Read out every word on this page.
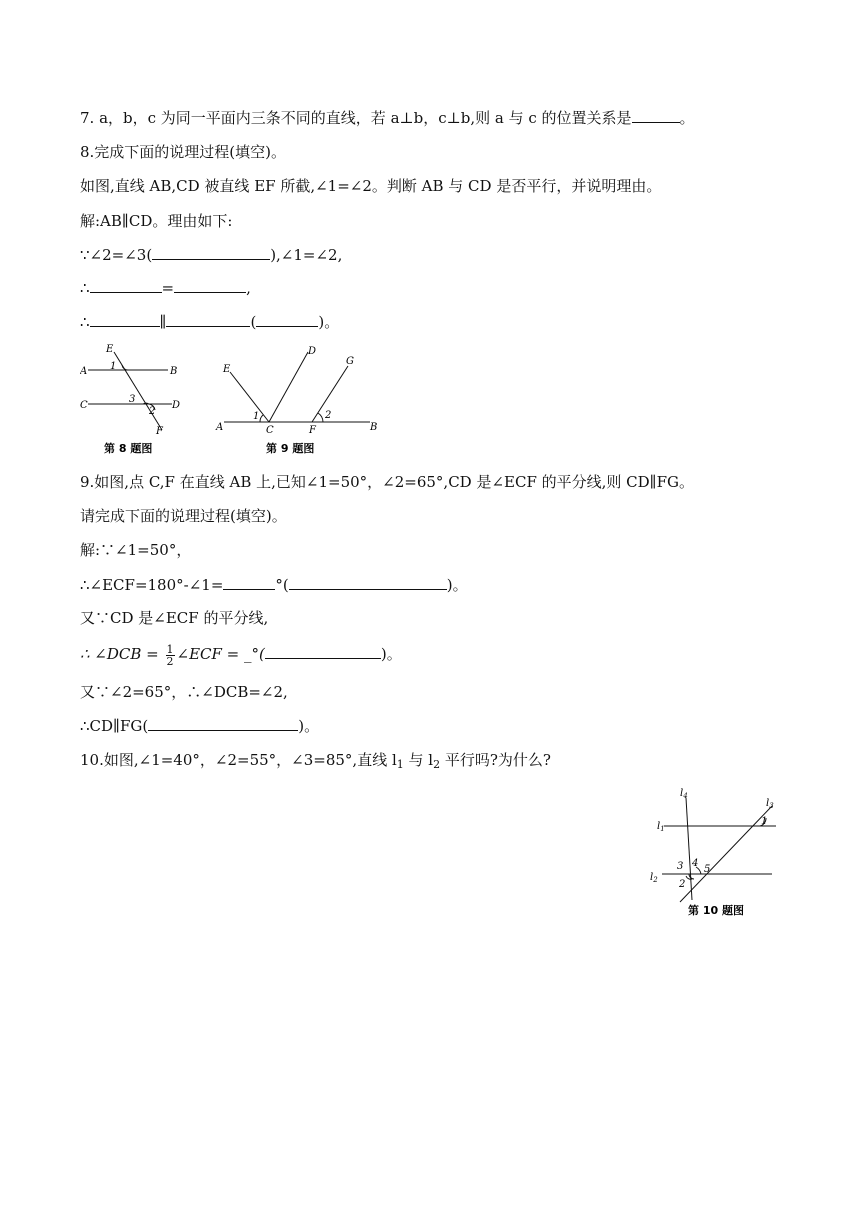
7. a，b，c 为同一平面内三条不同的直线，若 a⊥b，c⊥b,则 a 与 c 的位置关系是	。
8.完成下面的说理过程(填空)。
如图,直线 AB,CD 被直线 EF 所截,∠1=∠2。判断 AB 与 CD 是否平行，并说明理由。
解:AB∥CD。理由如下:
∵∠2=∠3(	),∠1=∠2,
∴	=	,
∴	∥	(	)。
E
A	B
C	D
F
1
3
2
第 8 题图
E
D
G
A	C	F	B
1	2
第 9 题图
9.如图,点 C,F 在直线 AB 上,已知∠1=50°，∠2=65°,CD 是∠ECF 的平分线,则 CD∥FG。
请完成下面的说理过程(填空)。
解:∵∠1=50°，
∴∠ECF=180°-∠1=	°(	)。
又∵CD 是∠ECF 的平分线,
∴ ∠DCB = $\frac{1}{2}$ ∠ECF = _°(	)。
又∵∠2=65°，∴∠DCB=∠2,
∴CD∥FG(	)。
10.如图,∠1=40°，∠2=55°，∠3=85°,直线 $l_1$ 与 $l_2$ 平行吗?为什么?
$l_4$
$l_3$
$l_1$
$l_2$
1
2
3 4
5
第 10 题图
